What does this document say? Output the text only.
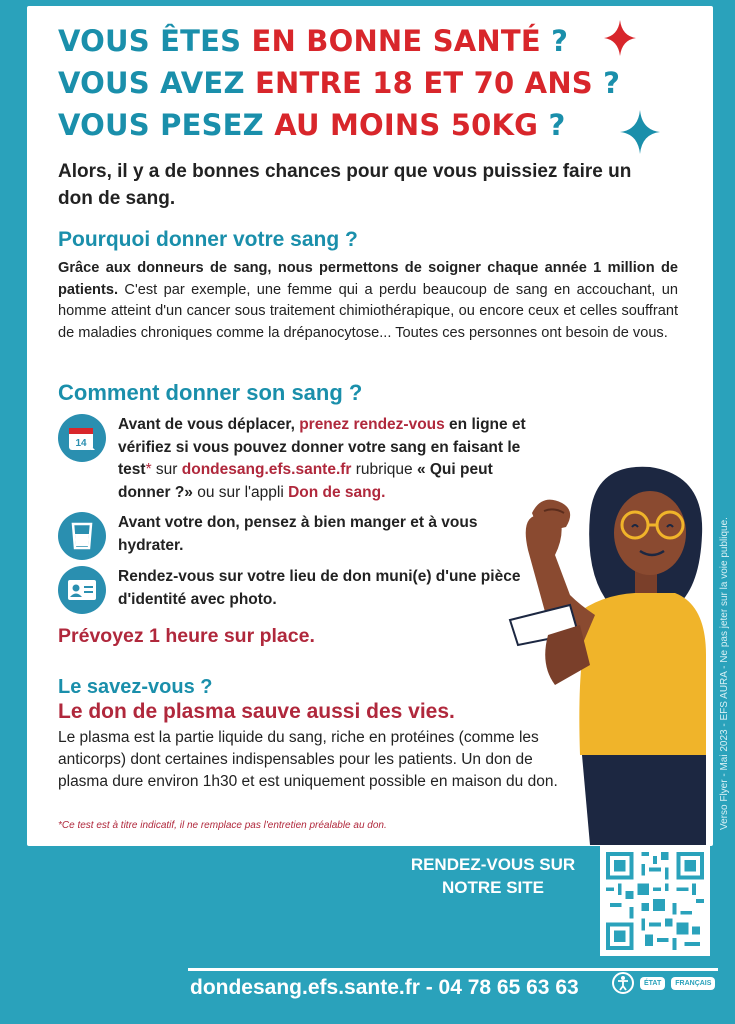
VOUS ÊTES EN BONNE SANTÉ ?
VOUS AVEZ ENTRE 18 ET 70 ANS ?
VOUS PESEZ AU MOINS 50KG ?
Alors, il y a de bonnes chances pour que vous puissiez faire un don de sang.
Pourquoi donner votre sang ?
Grâce aux donneurs de sang, nous permettons de soigner chaque année 1 million de patients. C'est par exemple, une femme qui a perdu beaucoup de sang en accouchant, un homme atteint d'un cancer sous traitement chimiothérapique, ou encore ceux et celles souffrant de maladies chroniques comme la drépanocytose... Toutes ces personnes ont besoin de vous.
Comment donner son sang ?
14
Avant de vous déplacer, prenez rendez-vous en ligne et vérifiez si vous pouvez donner votre sang en faisant le test* sur dondesang.efs.sante.fr rubrique « Qui peut donner ?» ou sur l'appli Don de sang.
Avant votre don, pensez à bien manger et à vous hydrater.
Rendez-vous sur votre lieu de don muni(e) d'une pièce d'identité avec photo.
Prévoyez 1 heure sur place.
Le savez-vous ?
Le don de plasma sauve aussi des vies.
Le plasma est la partie liquide du sang, riche en protéines (comme les anticorps) dont certaines indispensables pour les patients. Un don de plasma dure environ 1h30 et est uniquement possible en maison du don.
*Ce test est à titre indicatif, il ne remplace pas l'entretien préalable au don.	Verso Flyer - Mai 2023 - EFS AURA - Ne pas jeter sur la voie publique.
RENDEZ-VOUS SUR NOTRE SITE
dondesang.efs.sante.fr - 04 78 65 63 63	ÉTAT	FRANÇAIS
